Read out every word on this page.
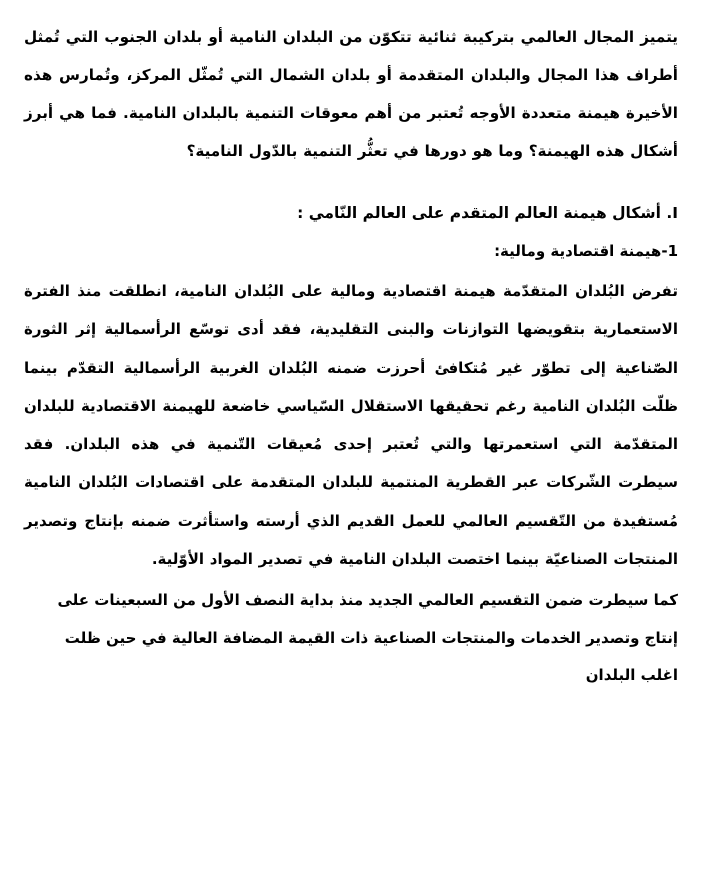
يتميز المجال العالمي بتركيبة ثنائية تتكوّن من البلدان النامية أو بلدان الجنوب التي تُمثل أطراف هذا المجال والبلدان المتقدمة أو بلدان الشمال التي تُمثّل المركز، وتُمارس هذه الأخيرة هيمنة متعددة الأوجه تُعتبر من أهم معوقات التنمية بالبلدان النامية. فما هي أبرز أشكال هذه الهيمنة؟ وما هو دورها في تعثُّر التنمية بالدّول النامية؟

I. أشكال هيمنة العالم المتقدم على العالم النّامي :
1-هيمنة اقتصادية ومالية:

تفرض البُلدان المتقدّمة هيمنة اقتصادية ومالية على البُلدان النامية، انطلقت منذ الفترة الاستعمارية بتقويضها التوازنات والبنى التقليدية، فقد أدى توسّع الرأسمالية إثر الثورة الصّناعية إلى تطوّر غير مُتكافئ أحرزت ضمنه البُلدان الغربية الرأسمالية التقدّم بينما ظلّت البُلدان النامية رغم تحقيقها الاستقلال السّياسي خاضعة للهيمنة الاقتصادية للبلدان المتقدّمة التي استعمرتها والتي تُعتبر إحدى مُعيقات التّنمية في هذه البلدان. فقد سيطرت الشّركات عبر القطرية المنتمية للبلدان المتقدمة على اقتصادات البُلدان النامية مُستفيدة من التّقسيم العالمي للعمل القديم الذي أرسته واستأثرت ضمنه بإنتاج وتصدير المنتجات الصناعيّة بينما اختصت البلدان النامية في تصدير المواد الأوّلية.

كما سيطرت ضمن التقسيم العالمي الجديد منذ بداية النصف الأول من السبعينات على إنتاج وتصدير الخدمات والمنتجات الصناعية ذات القيمة المضافة العالية في حين ظلت اغلب البلدان
